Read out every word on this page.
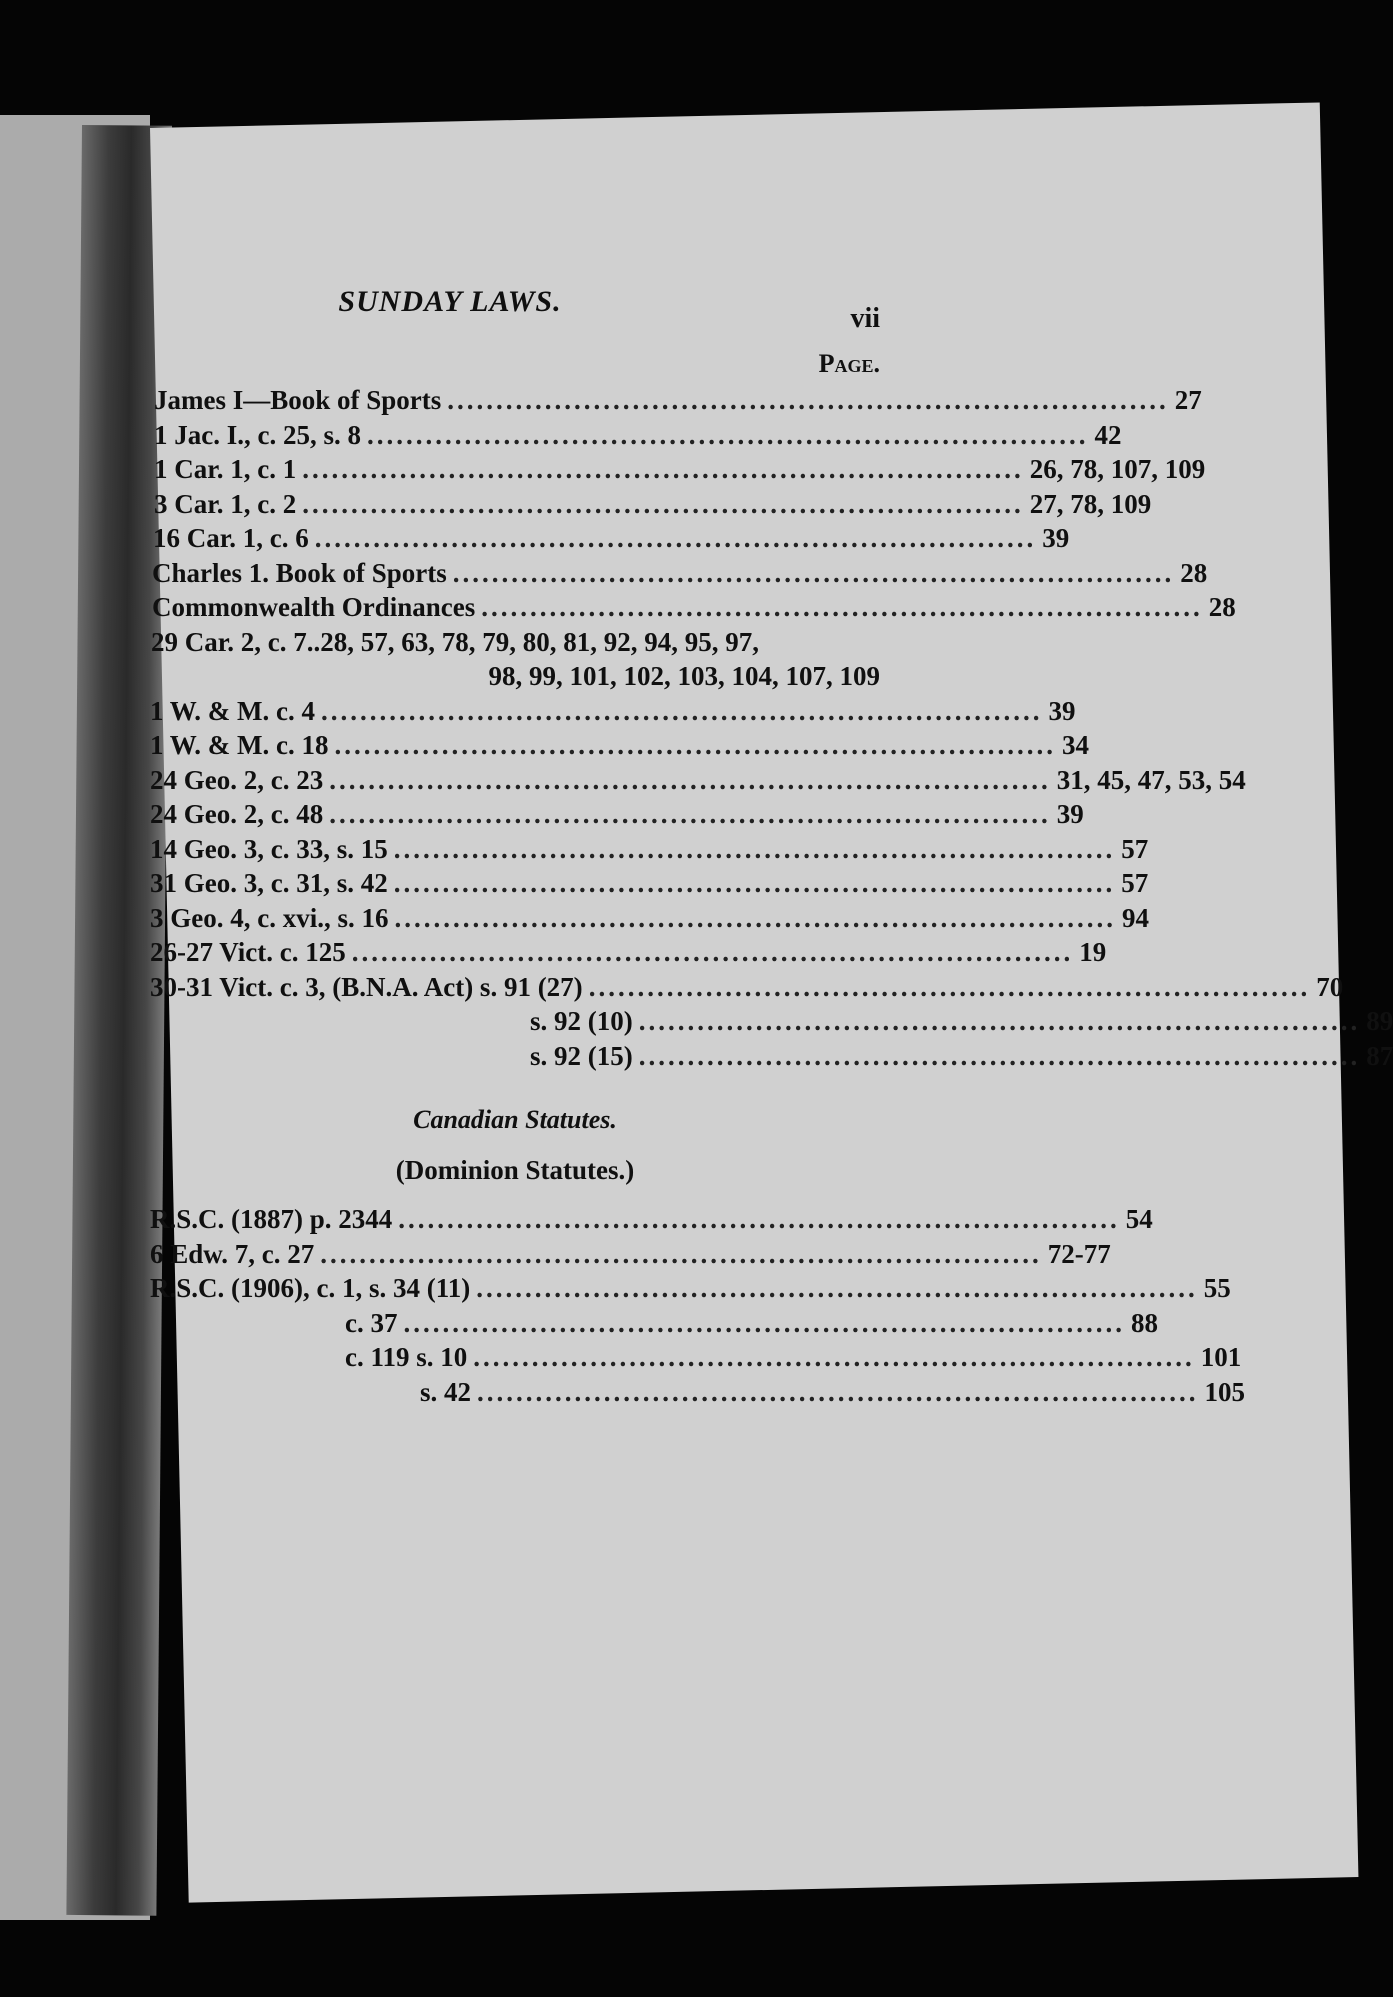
SUNDAY LAWS.
vii
Page.
James I—Book of Sports .......................................................................... 27
1 Jac. I., c. 25, s. 8 .......................................................................... 42
1 Car. 1, c. 1 .......................................................................... 26, 78, 107, 109
3 Car. 1, c. 2 .......................................................................... 27, 78, 109
16 Car. 1, c. 6 .......................................................................... 39
Charles 1. Book of Sports .......................................................................... 28
Commonwealth Ordinances .......................................................................... 28
29 Car. 2, c. 7..28, 57, 63, 78, 79, 80, 81, 92, 94, 95, 97,
98, 99, 101, 102, 103, 104, 107, 109
1 W. & M. c. 4 .......................................................................... 39
1 W. & M. c. 18 .......................................................................... 34
24 Geo. 2, c. 23 .......................................................................... 31, 45, 47, 53, 54
24 Geo. 2, c. 48 .......................................................................... 39
14 Geo. 3, c. 33, s. 15 .......................................................................... 57
31 Geo. 3, c. 31, s. 42 .......................................................................... 57
3 Geo. 4, c. xvi., s. 16 .......................................................................... 94
26-27 Vict. c. 125 .......................................................................... 19
30-31 Vict. c. 3, (B.N.A. Act) s. 91 (27) .......................................................................... 70
s. 92 (10) .......................................................................... 89
s. 92 (15) .......................................................................... 87
Canadian Statutes.
(Dominion Statutes.)
R.S.C. (1887) p. 2344 .......................................................................... 54
6 Edw. 7, c. 27 .......................................................................... 72-77
R.S.C. (1906), c. 1, s. 34 (11) .......................................................................... 55
c. 37 .......................................................................... 88
c. 119 s. 10 .......................................................................... 101
s. 42 .......................................................................... 105
